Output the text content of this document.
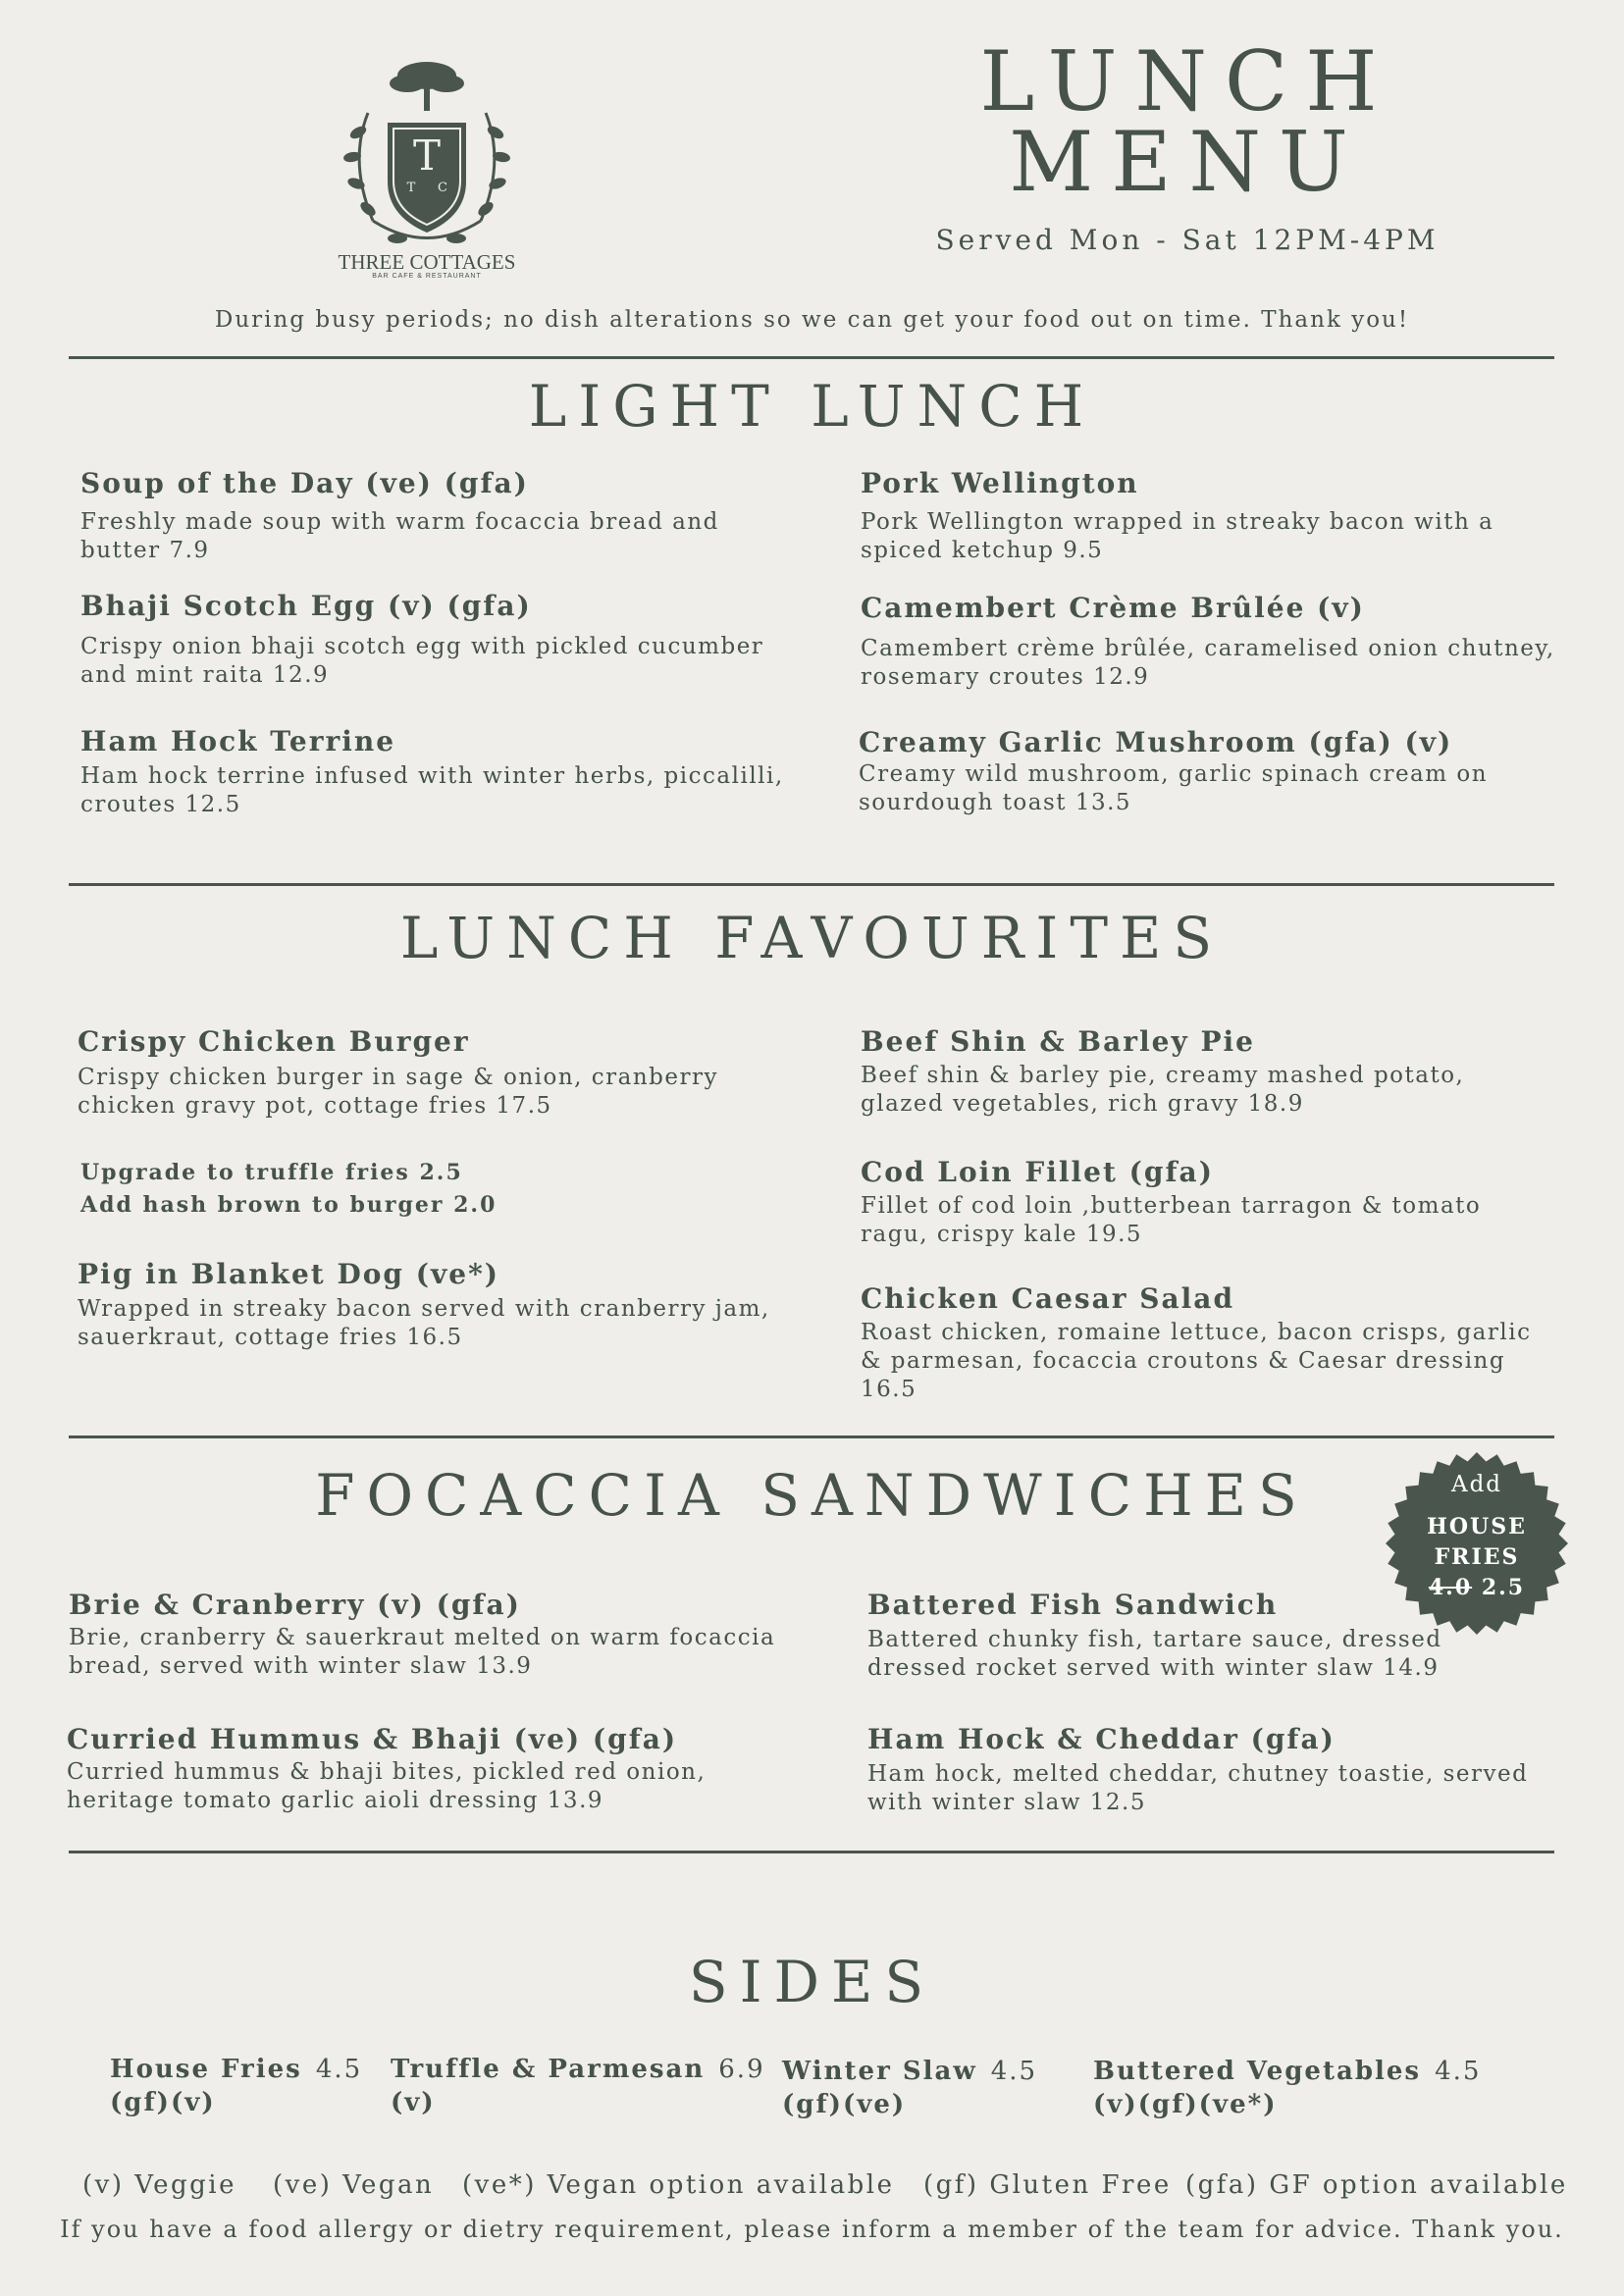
T
T C
THREE COTTAGES
BAR CAFE & RESTAURANT
LUNCH
MENU
Served Mon - Sat 12PM-4PM
During busy periods; no dish alterations so we can get your food out on time. Thank you!
LIGHT LUNCH
Soup of the Day (ve) (gfa)
Freshly made soup with warm focaccia bread and butter 7.9
Pork Wellington
Pork Wellington wrapped in streaky bacon with a spiced ketchup 9.5
Bhaji Scotch Egg (v) (gfa)
Crispy onion bhaji scotch egg with pickled cucumber and mint raita 12.9
Camembert Crème Brûlée (v)
Camembert crème brûlée, caramelised onion chutney, rosemary croutes 12.9
Ham Hock Terrine
Ham hock terrine infused with winter herbs, piccalilli, croutes 12.5
Creamy Garlic Mushroom (gfa) (v)
Creamy wild mushroom, garlic spinach cream on sourdough toast 13.5
LUNCH FAVOURITES
Crispy Chicken Burger
Crispy chicken burger in sage & onion, cranberry chicken gravy pot, cottage fries 17.5
Upgrade to truffle fries 2.5
Add hash brown to burger 2.0
Pig in Blanket Dog (ve*)
Wrapped in streaky bacon served with cranberry jam, sauerkraut, cottage fries 16.5
Beef Shin & Barley Pie
Beef shin & barley pie, creamy mashed potato, glazed vegetables, rich gravy 18.9
Cod Loin Fillet (gfa)
Fillet of cod loin ,butterbean tarragon & tomato ragu, crispy kale 19.5
Chicken Caesar Salad
Roast chicken, romaine lettuce, bacon crisps, garlic & parmesan, focaccia croutons & Caesar dressing 16.5
FOCACCIA SANDWICHES	Add
HOUSE
FRIES
4.0 2.5
Brie & Cranberry (v) (gfa)
Brie, cranberry & sauerkraut melted on warm focaccia bread, served with winter slaw 13.9
Battered Fish Sandwich
Battered chunky fish, tartare sauce, dressed dressed rocket served with winter slaw 14.9
Curried Hummus & Bhaji (ve) (gfa)
Curried hummus & bhaji bites, pickled red onion, heritage tomato garlic aioli dressing 13.9
Ham Hock & Cheddar (gfa)
Ham hock, melted cheddar, chutney toastie, served with winter slaw 12.5
SIDES
House Fries 4.5
(gf)(v)
Truffle & Parmesan 6.9
(v)
Winter Slaw 4.5
(gf)(ve)
Buttered Vegetables 4.5
(v)(gf)(ve*)
(v) Veggie (ve) Vegan (ve*) Vegan option available (gf) Gluten Free (gfa) GF option available
If you have a food allergy or dietry requirement, please inform a member of the team for advice. Thank you.
